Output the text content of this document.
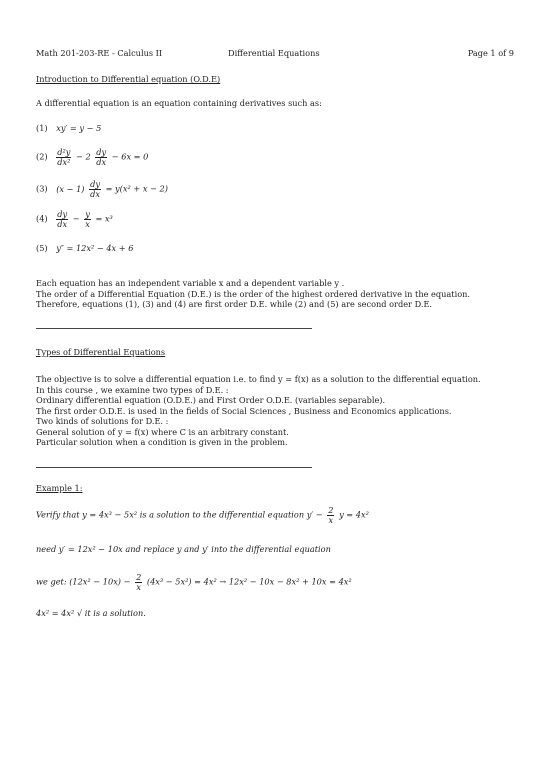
Math 201-203-RE - Calculus II	Differential Equations	Page 1 of 9
Introduction to Differential equation (O.D.E)
A differential equation is an equation containing derivatives such as:
(1) xy′ = y − 5
$(2) \frac{\text{d²y}}{\text{dx²}} - 2 \frac{dy}{dx} - 6x = 0$
(3) $(x - 1) \frac{dy}{dx} = y(x^2 + x - 2)$
$(4) \frac{dy}{dx} - \frac{y}{x} = x^3$
(5) y″ = 12x² − 4x + 6
Each equation has an independent variable x and a dependent variable y .
The order of a Differential Equation (D.E.) is the order of the highest ordered derivative in the equation.
Therefore, equations (1), (3) and (4) are first order D.E. while (2) and (5) are second order D.E.
Types of Differential Equations
The objective is to solve a differential equation i.e. to find y = f(x) as a solution to the differential equation.
In this course , we examine two types of D.E. :
Ordinary differential equation (O.D.E.) and First Order O.D.E. (variables separable).
The first order O.D.E. is used in the fields of Social Sciences , Business and Economics applications.
Two kinds of solutions for D.E. :
General solution of y = f(x) where C is an arbitrary constant.
Particular solution when a condition is given in the problem.
Example 1:
Verify that y = 4x³ − 5x² is a solution to the differential equation $y' - \frac{2}{x}$ y = 4x²
need y′ = 12x² − 10x and replace y and y′ into the differential equation
we get: $(12x^2 - 10x) - \frac{2}{x} (4x^3 - 5x^2) = 4x^2 \to 12x^2 - 10x - 8x^2 + 10x = 4x^2$
4x² = 4x² √ it is a solution.
